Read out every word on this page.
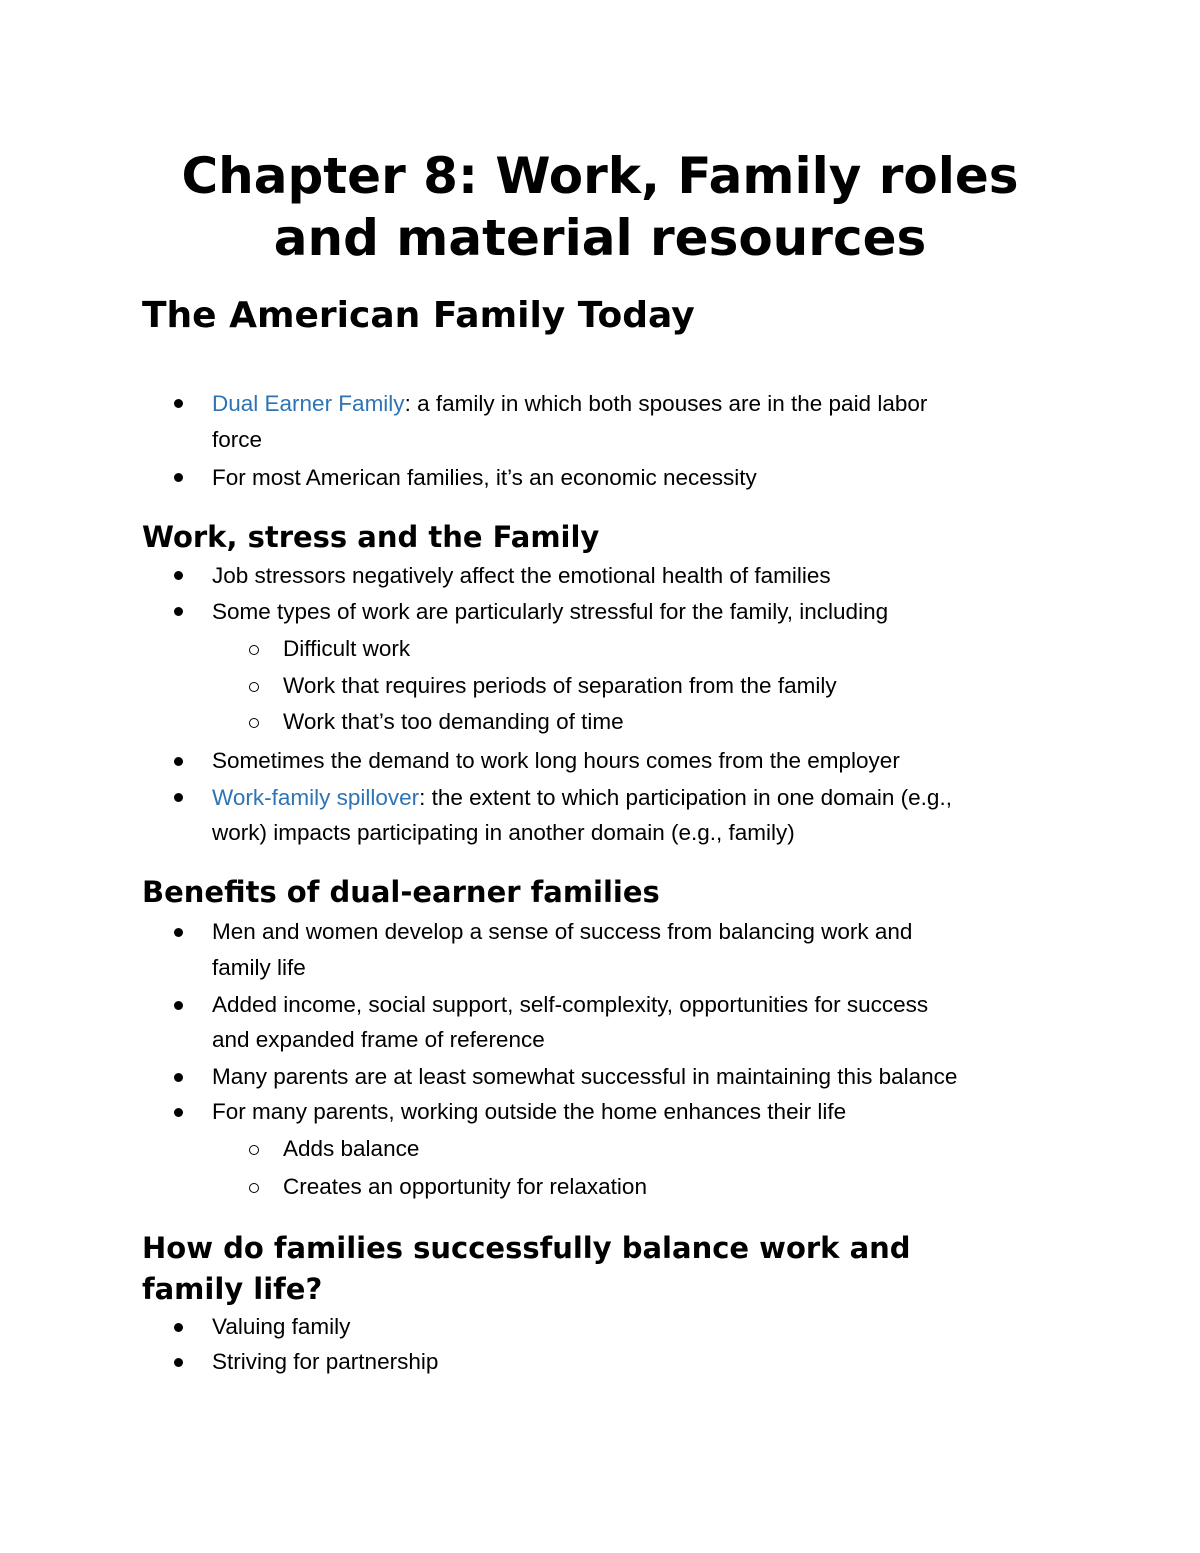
Chapter 8: Work, Family roles
and material resources
The American Family Today
Dual Earner Family: a family in which both spouses are in the paid labor
force
For most American families, it’s an economic necessity
Work, stress and the Family
Job stressors negatively affect the emotional health of families
Some types of work are particularly stressful for the family, including
Difficult work
Work that requires periods of separation from the family
Work that’s too demanding of time
Sometimes the demand to work long hours comes from the employer
Work-family spillover: the extent to which participation in one domain (e.g.,
work) impacts participating in another domain (e.g., family)
Benefits of dual-earner families
Men and women develop a sense of success from balancing work and
family life
Added income, social support, self-complexity, opportunities for success
and expanded frame of reference
Many parents are at least somewhat successful in maintaining this balance
For many parents, working outside the home enhances their life
Adds balance
Creates an opportunity for relaxation
How do families successfully balance work and
family life?
Valuing family
Striving for partnership
